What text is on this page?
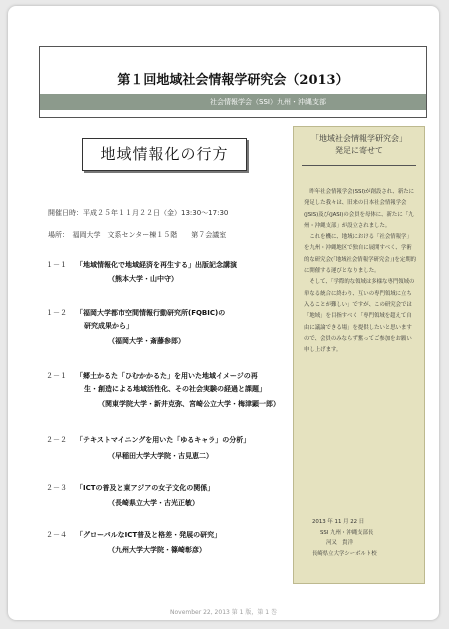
第１回地域社会情報学研究会（2013）
社会情報学会（SSI）九州・沖縄支部
地域情報化の行方
開催日時：平成２５年１１月２２日（金）13:30～17:30
場所：　福岡大学　文系センター棟１５階　　第７会議室
１－１	「地域情報化で地域経済を再生する」出版記念講演
（熊本大学・山中守）
１－２	「福岡大学都市空間情報行動研究所(FQBIC)の
研究成果から」
（福岡大学・斎藤参郎）
２－１	「郷土かるた「ひむかかるた」を用いた地域イメージの再
生・創造による地域活性化、その社会実験の経過と課題」
（関東学院大学・新井克弥、宮崎公立大学・梅津顕一郎）
２－２	「テキストマイニングを用いた「ゆるキャラ」の分析」
（早稲田大学大学院・古見恵二）
２－３	「ICTの普及と東アジアの女子文化の関係」
（長崎県立大学・古光正敏）
２－４	「グローバルなICT普及と格差・発展の研究」
（九州大学大学院・篠崎彰彦）
「地域社会情報学研究会」
発足に寄せて

昨年社会情報学会(SSI)が創設され、新たに発足した我々は、旧来の日本社会情報学会(JSIS)及び(JASI)の会員を母体に、新たに「九州・沖縄支部」が設立されました。

これを機に、地域における「社会情報学」を九州・沖縄地区で独自に展開すべく、学術的な研究会(「地域社会情報学研究会」)を定期的に開催する運びとなりました。

そして、「学際的な領域は多様な専門領域の単なる統合に終わり、互いの専門領域に立ち入ることが難しい」ですが、この研究会では「地域」を目指すべく「専門領域を超えて自由に議論できる場」を提供したいと思いますので、会員のみならず奮ってご参加をお願い申し上げます。

2013 年 11 月 22 日
SSI 九州・沖縄支部長
河又　貴洋
長崎県立大学シーボルト校
November 22, 2013 第 1 版，第 1 巻
